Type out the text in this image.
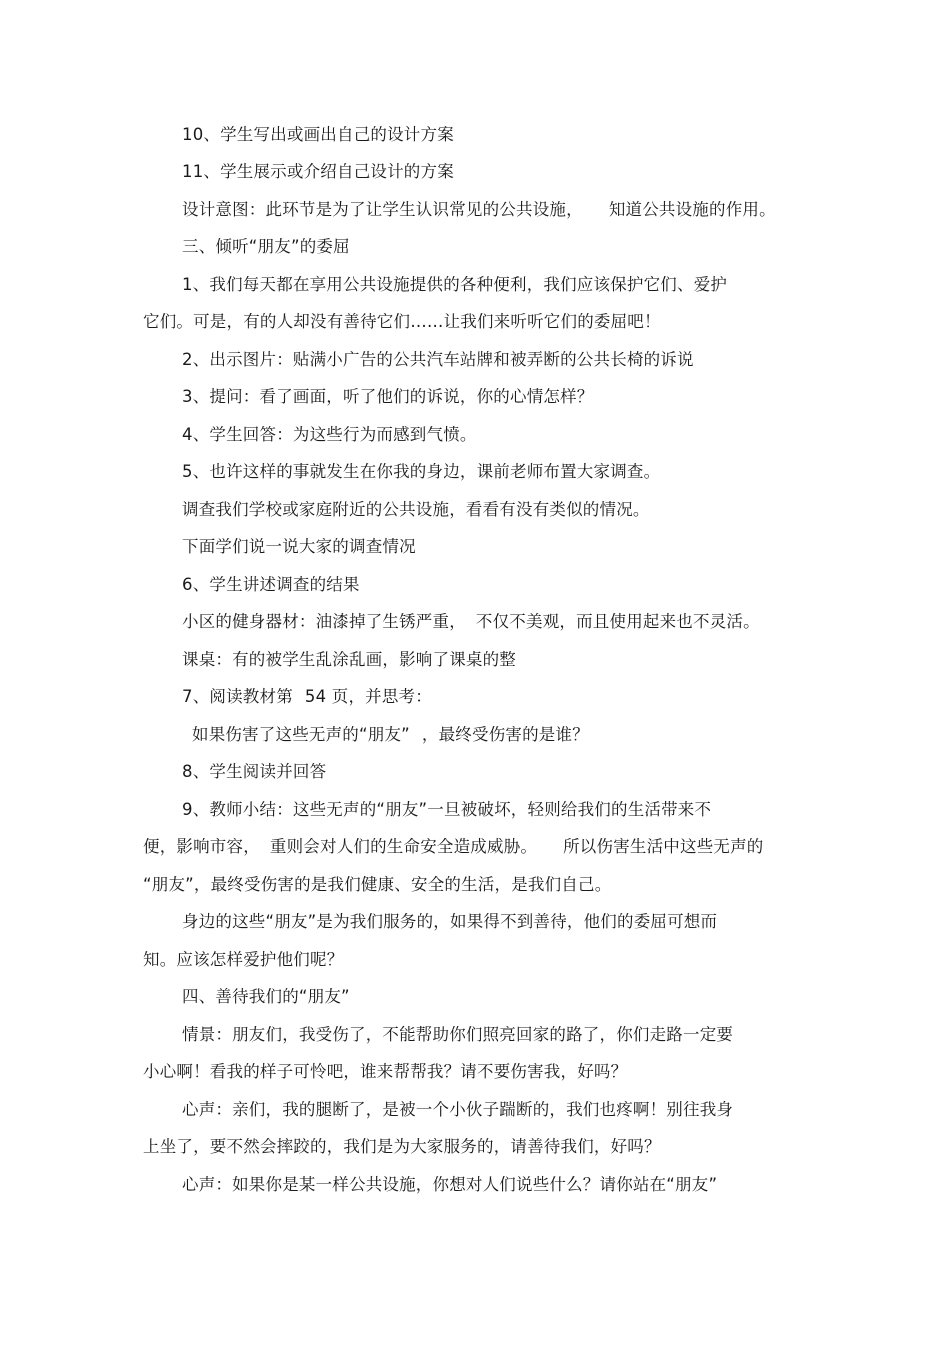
10、学生写出或画出自己的设计方案
11、学生展示或介绍自己设计的方案
设计意图：此环节是为了让学生认识常见的公共设施， 知道公共设施的作用。
三、倾听“朋友”的委屈
1、我们每天都在享用公共设施提供的各种便利，我们应该保护它们、爱护
它们。可是，有的人却没有善待它们……让我们来听听它们的委屈吧！
2、出示图片：贴满小广告的公共汽车站牌和被弄断的公共长椅的诉说
3、提问：看了画面，听了他们的诉说，你的心情怎样？
4、学生回答：为这些行为而感到气愤。
5、也许这样的事就发生在你我的身边，课前老师布置大家调查。
调查我们学校或家庭附近的公共设施，看看有没有类似的情况。
下面学们说一说大家的调查情况
6、学生讲述调查的结果
小区的健身器材：油漆掉了生锈严重， 不仅不美观，而且使用起来也不灵活。
课桌：有的被学生乱涂乱画，影响了课桌的整
7、阅读教材第 54 页，并思考：
如果伤害了这些无声的“朋友” ，最终受伤害的是谁？
8、学生阅读并回答
9、教师小结：这些无声的“朋友”一旦被破坏，轻则给我们的生活带来不
便，影响市容， 重则会对人们的生命安全造成威胁。 所以伤害生活中这些无声的
“朋友”，最终受伤害的是我们健康、安全的生活，是我们自己。
身边的这些“朋友”是为我们服务的，如果得不到善待，他们的委屈可想而
知。应该怎样爱护他们呢？
四、善待我们的“朋友”
情景：朋友们，我受伤了，不能帮助你们照亮回家的路了，你们走路一定要
小心啊！看我的样子可怜吧，谁来帮帮我？请不要伤害我，好吗？
心声：亲们，我的腿断了，是被一个小伙子踹断的，我们也疼啊！别往我身
上坐了，要不然会摔跤的，我们是为大家服务的，请善待我们，好吗？
心声：如果你是某一样公共设施，你想对人们说些什么？请你站在“朋友”
